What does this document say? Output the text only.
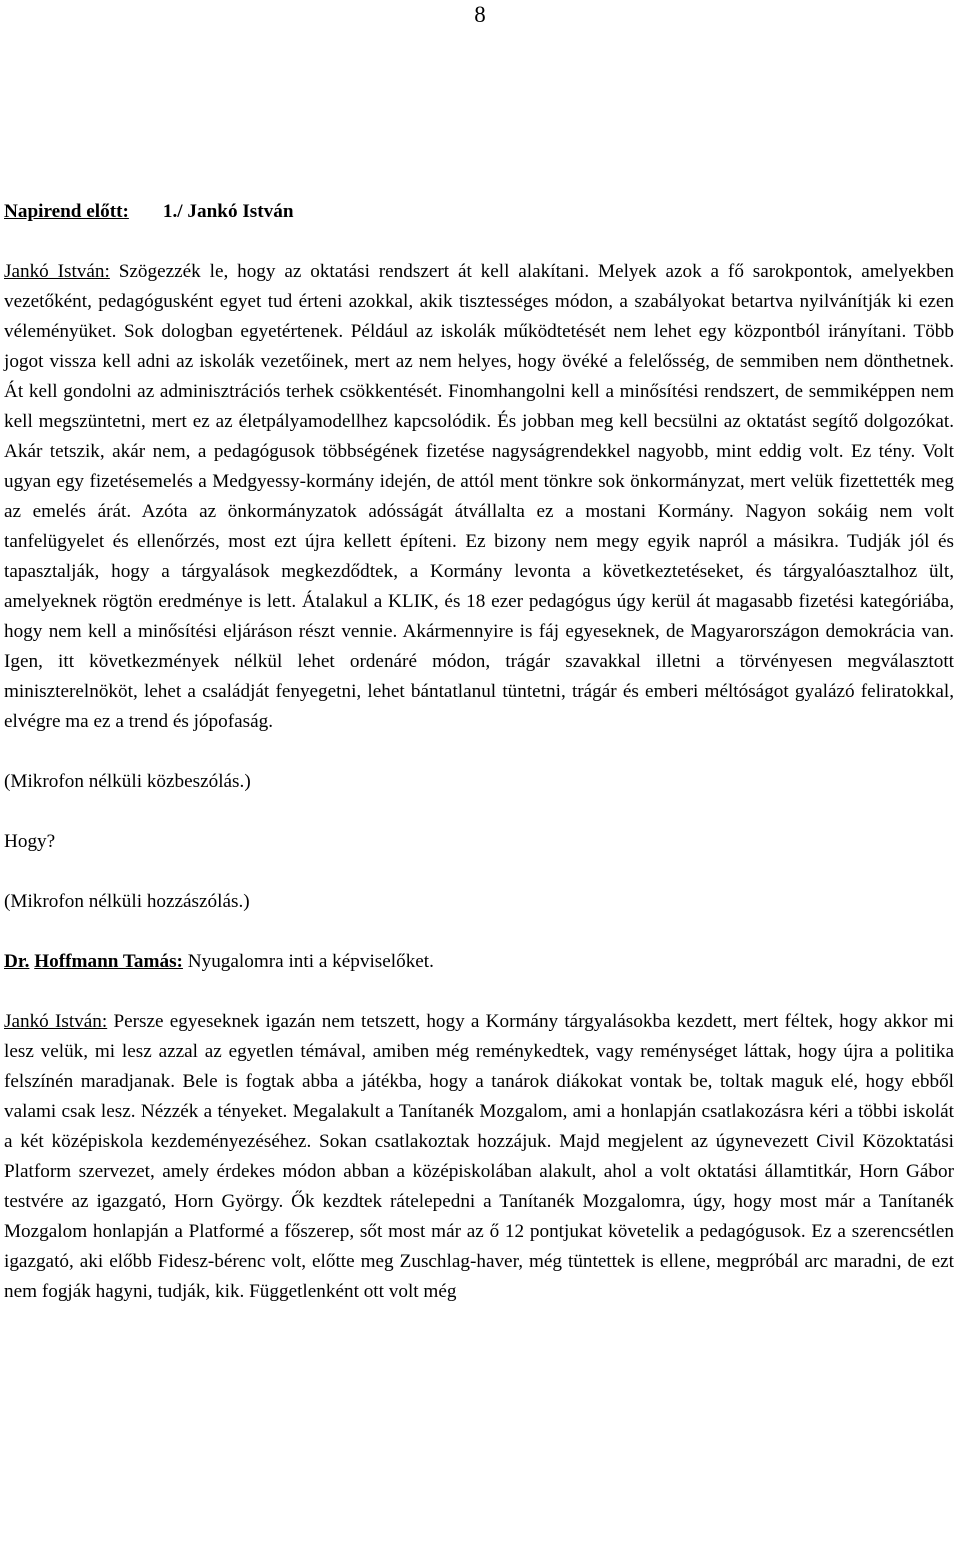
8

Napirend előtt: 1./ Jankó István

Jankó István: Szögezzék le, hogy az oktatási rendszert át kell alakítani. Melyek azok a fő sarokpontok, amelyekben vezetőként, pedagógusként egyet tud érteni azokkal, akik tisztességes módon, a szabályokat betartva nyilvánítják ki ezen véleményüket. Sok dologban egyetértenek. Például az iskolák működtetését nem lehet egy központból irányítani. Több jogot vissza kell adni az iskolák vezetőinek, mert az nem helyes, hogy övéké a felelősség, de semmiben nem dönthetnek. Át kell gondolni az adminisztrációs terhek csökkentését. Finomhangolni kell a minősítési rendszert, de semmiképpen nem kell megszüntetni, mert ez az életpályamodellhez kapcsolódik. És jobban meg kell becsülni az oktatást segítő dolgozókat. Akár tetszik, akár nem, a pedagógusok többségének fizetése nagyságrendekkel nagyobb, mint eddig volt. Ez tény. Volt ugyan egy fizetésemelés a Medgyessy-kormány idején, de attól ment tönkre sok önkormányzat, mert velük fizettették meg az emelés árát. Azóta az önkormányzatok adósságát átvállalta ez a mostani Kormány. Nagyon sokáig nem volt tanfelügyelet és ellenőrzés, most ezt újra kellett építeni. Ez bizony nem megy egyik napról a másikra. Tudják jól és tapasztalják, hogy a tárgyalások megkezdődtek, a Kormány levonta a következtetéseket, és tárgyalóasztalhoz ült, amelyeknek rögtön eredménye is lett. Átalakul a KLIK, és 18 ezer pedagógus úgy kerül át magasabb fizetési kategóriába, hogy nem kell a minősítési eljáráson részt vennie. Akármennyire is fáj egyeseknek, de Magyarországon demokrácia van. Igen, itt következmények nélkül lehet ordenáré módon, trágár szavakkal illetni a törvényesen megválasztott miniszterelnököt, lehet a családját fenyegetni, lehet bántatlanul tüntetni, trágár és emberi méltóságot gyalázó feliratokkal, elvégre ma ez a trend és jópofaság.

(Mikrofon nélküli közbeszólás.)

Hogy?

(Mikrofon nélküli hozzászólás.)

Dr. Hoffmann Tamás: Nyugalomra inti a képviselőket.

Jankó István: Persze egyeseknek igazán nem tetszett, hogy a Kormány tárgyalásokba kezdett, mert féltek, hogy akkor mi lesz velük, mi lesz azzal az egyetlen témával, amiben még reménykedtek, vagy reménységet láttak, hogy újra a politika felszínén maradjanak. Bele is fogtak abba a játékba, hogy a tanárok diákokat vontak be, toltak maguk elé, hogy ebből valami csak lesz. Nézzék a tényeket. Megalakult a Tanítanék Mozgalom, ami a honlapján csatlakozásra kéri a többi iskolát a két középiskola kezdeményezéséhez. Sokan csatlakoztak hozzájuk. Majd megjelent az úgynevezett Civil Közoktatási Platform szervezet, amely érdekes módon abban a középiskolában alakult, ahol a volt oktatási államtitkár, Horn Gábor testvére az igazgató, Horn György. Ők kezdtek rátelepedni a Tanítanék Mozgalomra, úgy, hogy most már a Tanítanék Mozgalom honlapján a Platformé a főszerep, sőt most már az ő 12 pontjukat követelik a pedagógusok. Ez a szerencsétlen igazgató, aki előbb Fidesz-bérenc volt, előtte meg Zuschlag-haver, még tüntettek is ellene, megpróbál arc maradni, de ezt nem fogják hagyni, tudják, kik. Függetlenként ott volt még
